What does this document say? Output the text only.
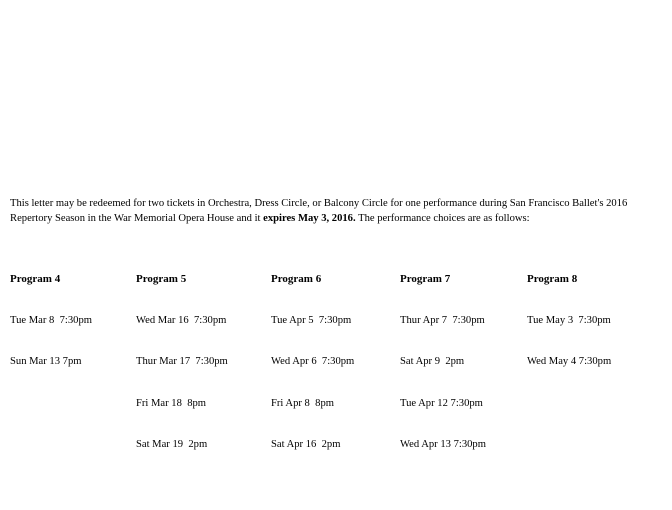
This letter may be redeemed for two tickets in Orchestra, Dress Circle, or Balcony Circle for one performance during San Francisco Ballet's 2016 Repertory Season in the War Memorial Opera House and it expires May 3, 2016. The performance choices are as follows:

Program 4

Tue Mar 8  7:30pm

Sun Mar 13 7pm

Program 5

Wed Mar 16  7:30pm

Thur Mar 17  7:30pm

Fri Mar 18  8pm

Sat Mar 19  2pm

Program 6

Tue Apr 5  7:30pm

Wed Apr 6  7:30pm

Fri Apr 8  8pm

Sat Apr 16  2pm

Program 7

Thur Apr 7  7:30pm

Sat Apr 9  2pm

Tue Apr 12 7:30pm

Wed Apr 13 7:30pm

Program 8

Tue May 3  7:30pm

Wed May 4 7:30pm
